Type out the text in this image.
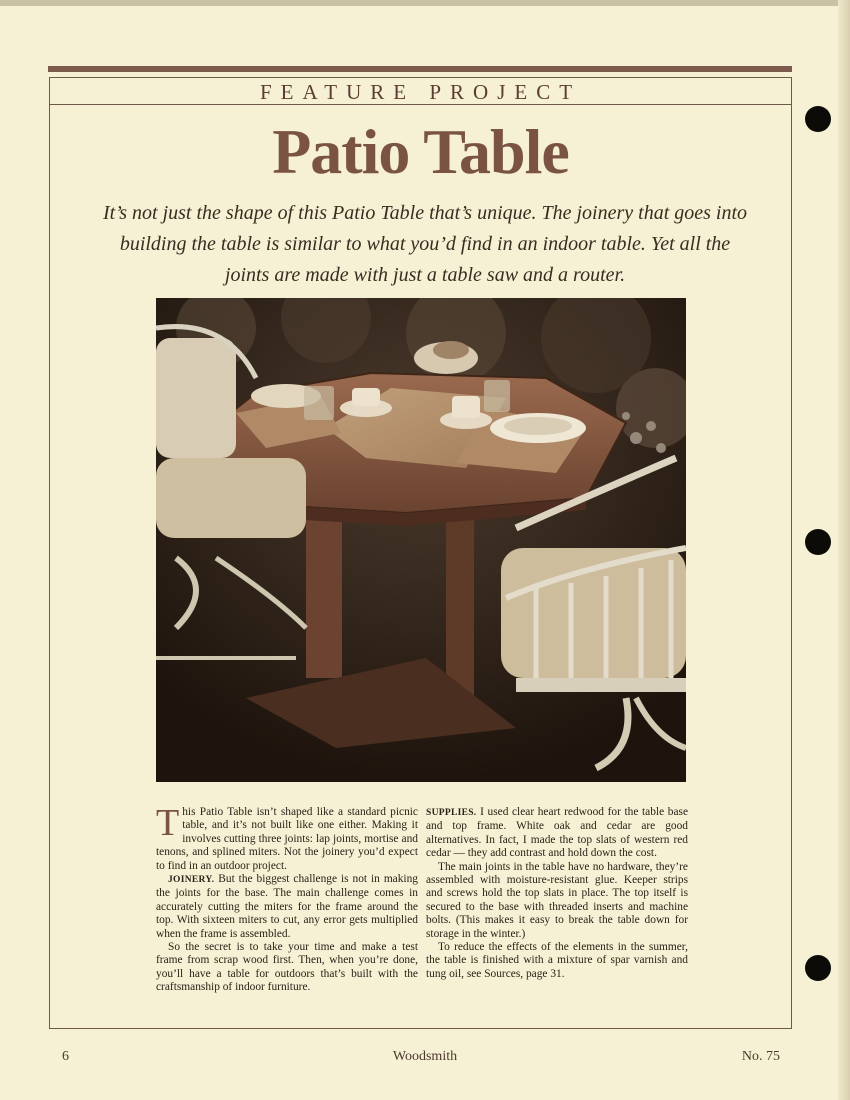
FEATURE PROJECT
Patio Table
It’s not just the shape of this Patio Table that’s unique. The joinery that goes into building the table is similar to what you’d find in an indoor table. Yet all the joints are made with just a table saw and a router.

This Patio Table isn’t shaped like a standard picnic table, and it’s not built like one either. Making it involves cutting three joints: lap joints, mortise and tenons, and splined miters. Not the joinery you’d expect to find in an outdoor project.

JOINERY. But the biggest challenge is not in making the joints for the base. The main challenge comes in accurately cutting the miters for the frame around the top. With sixteen miters to cut, any error gets multiplied when the frame is assembled.

So the secret is to take your time and make a test frame from scrap wood first. Then, when you’re done, you’ll have a table for outdoors that’s built with the craftsmanship of indoor furniture.

SUPPLIES. I used clear heart redwood for the table base and top frame. White oak and cedar are good alternatives. In fact, I made the top slats of western red cedar — they add contrast and hold down the cost.

The main joints in the table have no hardware, they’re assembled with moisture-resistant glue. Keeper strips and screws hold the top slats in place. The top itself is secured to the base with threaded inserts and machine bolts. (This makes it easy to break the table down for storage in the winter.)

To reduce the effects of the elements in the summer, the table is finished with a mixture of spar varnish and tung oil, see Sources, page 31.

6	Woodsmith	No. 75
